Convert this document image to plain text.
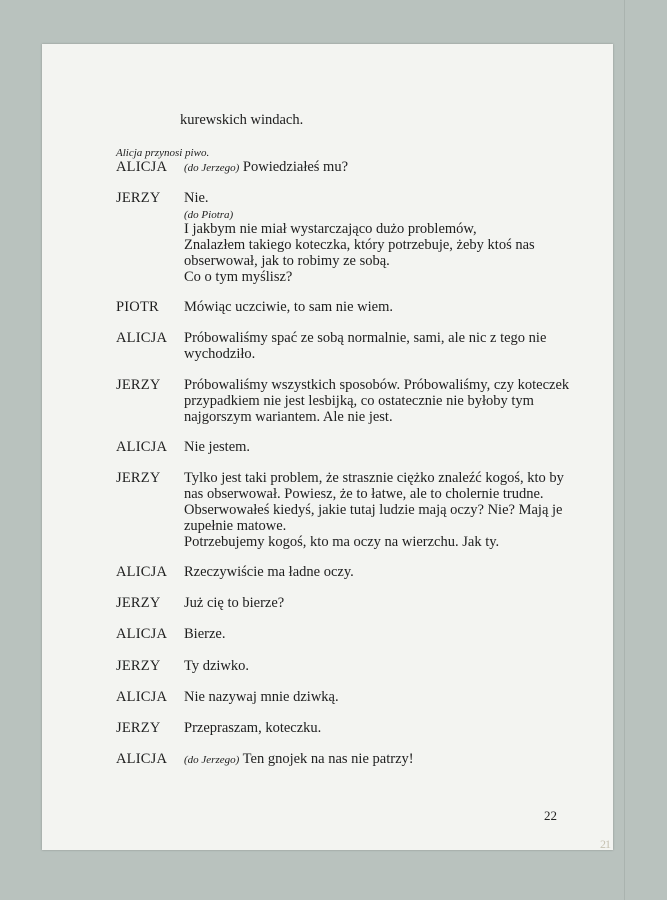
kurewskich windach.
Alicja przynosi piwo.
ALICJA (do Jerzego) Powiedziałeś mu?
JERZY Nie.
(do Piotra)
I jakbym nie miał wystarczająco dużo problemów,
Znalazłem takiego koteczka, który potrzebuje, żeby ktoś nas
obserwował, jak to robimy ze sobą.
Co o tym myślisz?
PIOTR Mówiąc uczciwie, to sam nie wiem.
ALICJA Próbowaliśmy spać ze sobą normalnie, sami, ale nic z tego nie
wychodziło.
JERZY Próbowaliśmy wszystkich sposobów. Próbowaliśmy, czy koteczek
przypadkiem nie jest lesbijką, co ostatecznie nie byłoby tym
najgorszym wariantem. Ale nie jest.
ALICJA Nie jestem.
JERZY Tylko jest taki problem, że strasznie ciężko znaleźć kogoś, kto by
nas obserwował. Powiesz, że to łatwe, ale to cholernie trudne.
Obserwowałeś kiedyś, jakie tutaj ludzie mają oczy? Nie? Mają je
zupełnie matowe.
Potrzebujemy kogoś, kto ma oczy na wierzchu. Jak ty.
ALICJA Rzeczywiście ma ładne oczy.
JERZY Już cię to bierze?
ALICJA Bierze.
JERZY Ty dziwko.
ALICJA Nie nazywaj mnie dziwką.
JERZY Przepraszam, koteczku.
ALICJA (do Jerzego) Ten gnojek na nas nie patrzy!
22
21
